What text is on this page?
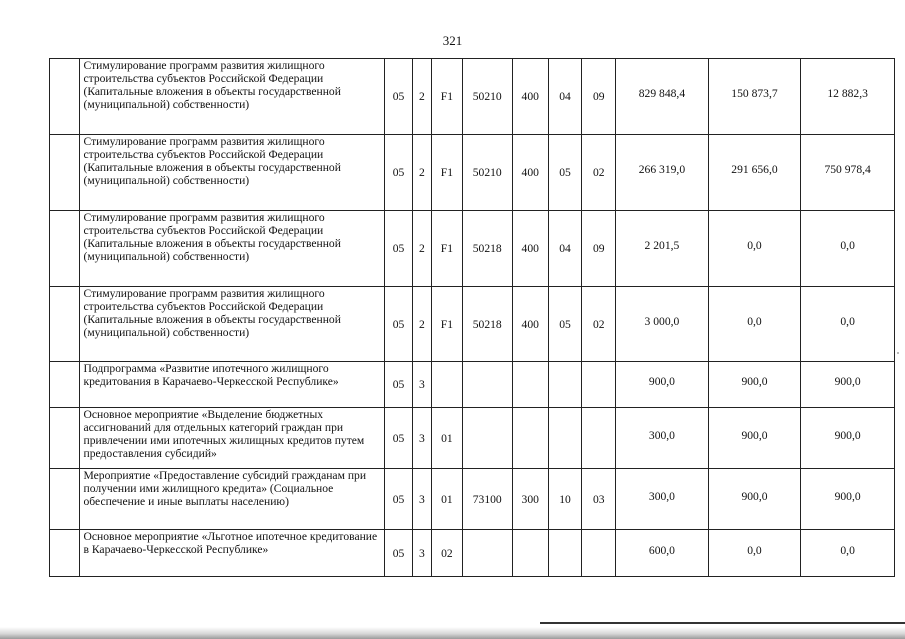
321
	Стимулирование программ развития жилищного строительства субъектов Российской Федерации (Капитальные вложения в объекты государственной (муниципальной) собственности)	05	2	F1	50210	400	04	09	829 848,4	150 873,7	12 882,3
	Стимулирование программ развития жилищного строительства субъектов Российской Федерации (Капитальные вложения в объекты государственной (муниципальной) собственности)	05	2	F1	50210	400	05	02	266 319,0	291 656,0	750 978,4
	Стимулирование программ развития жилищного строительства субъектов Российской Федерации (Капитальные вложения в объекты государственной (муниципальной) собственности)	05	2	F1	50218	400	04	09	2 201,5	0,0	0,0
	Стимулирование программ развития жилищного строительства субъектов Российской Федерации (Капитальные вложения в объекты государственной (муниципальной) собственности)	05	2	F1	50218	400	05	02	3 000,0	0,0	0,0
	Подпрограмма «Развитие ипотечного жилищного кредитования в Карачаево-Черкесской Республике»	05	3						900,0	900,0	900,0
	Основное мероприятие «Выделение бюджетных ассигнований для отдельных категорий граждан при привлечении ими ипотечных жилищных кредитов путем предоставления субсидий»	05	3	01					300,0	900,0	900,0
	Мероприятие «Предоставление субсидий гражданам при получении ими жилищного кредита» (Социальное обеспечение и иные выплаты населению)	05	3	01	73100	300	10	03	300,0	900,0	900,0
	Основное мероприятие «Льготное ипотечное кредитование в Карачаево-Черкесской Республике»	05	3	02					600,0	0,0	0,0
